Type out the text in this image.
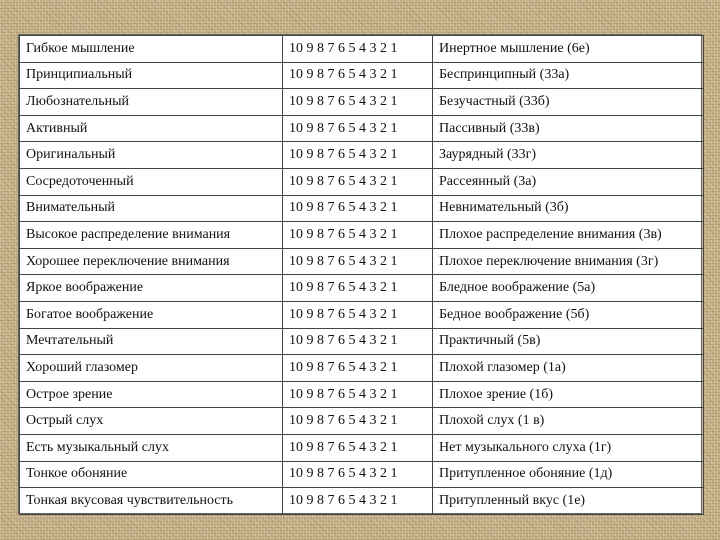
Гибкое мышление	10 9 8 7 6 5 4 3 2 1	Инертное мышление (6е)
Принципиальный	10 9 8 7 6 5 4 3 2 1	Беспринципный (33а)
Любознательный	10 9 8 7 6 5 4 3 2 1	Безучастный (33б)
Активный	10 9 8 7 6 5 4 3 2 1	Пассивный (33в)
Оригинальный	10 9 8 7 6 5 4 3 2 1	Заурядный (33г)
Сосредоточенный	10 9 8 7 6 5 4 3 2 1	Рассеянный (3а)
Внимательный	10 9 8 7 6 5 4 3 2 1	Невнимательный (3б)
Высокое распределение внимания	10 9 8 7 6 5 4 3 2 1	Плохое распределение внимания (3в)
Хорошее переключение внимания	10 9 8 7 6 5 4 3 2 1	Плохое переключение внимания (3г)
Яркое воображение	10 9 8 7 6 5 4 3 2 1	Бледное воображение (5а)
Богатое воображение	10 9 8 7 6 5 4 3 2 1	Бедное воображение (5б)
Мечтательный	10 9 8 7 6 5 4 3 2 1	Практичный (5в)
Хороший глазомер	10 9 8 7 6 5 4 3 2 1	Плохой глазомер (1а)
Острое зрение	10 9 8 7 6 5 4 3 2 1	Плохое зрение (1б)
Острый слух	10 9 8 7 6 5 4 3 2 1	Плохой слух (1 в)
Есть музыкальный слух	10 9 8 7 6 5 4 3 2 1	Нет музыкального слуха (1г)
Тонкое обоняние	10 9 8 7 6 5 4 3 2 1	Притупленное обоняние (1д)
Тонкая вкусовая чувствительность	10 9 8 7 6 5 4 3 2 1	Притупленный вкус (1е)
